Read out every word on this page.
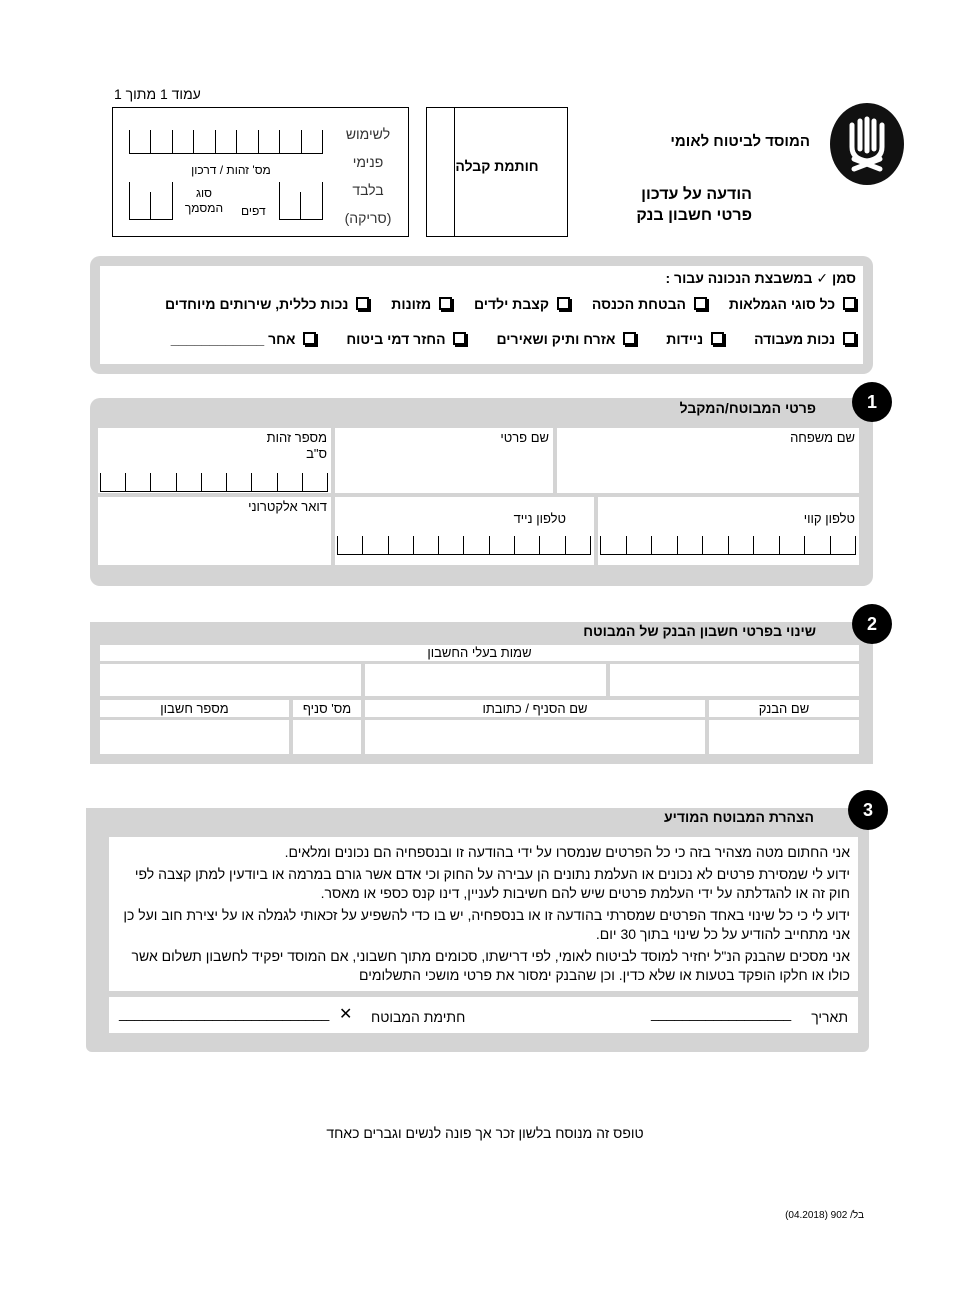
המוסד לביטוח לאומי
הודעה על עדכון
פרטי חשבון בנק
עמוד 1 מתוך 1
לשימוש
פנימי
בלבד
(סריקה)
מס' זהות / דרכון
סוג
המסמך	דפים
חותמת קבלה
סמן ✓ במשבצת הנכונה עבור :
כל סוגי הגמלאות
הבטחת הכנסה
קצבת ילדים
מזונות
נכות כללית, שירותים מיוחדים
נכות מעבודה
ניידות
אזרח ותיק ושאירים
החזר דמי ביטוח
אחר ____________
1
פרטי המבוטח/המקבל
שם משפחה
שם פרטי
מספר זהות
ס"ב
טלפון קווי
טלפון נייד
דואר אלקטרוני
2
שינוי בפרטי חשבון הבנק של המבוטח
שמות בעלי החשבון
שם הבנק
שם הסניף / כתובתו
מס' סניף
מספר חשבון
3
הצהרת המבוטח המודיע

אני החתום מטה מצהיר בזה כי כל הפרטים שנמסרו על ידי בהודעה זו ובנספחיה הם נכונים ומלאים.

ידוע לי שמסירת פרטים לא נכונים או העלמת נתונים הן עבירה על החוק וכי אדם אשר גורם במרמה או ביודעין למתן קצבה לפי חוק זה או להגדלתה על ידי העלמת פרטים שיש להם חשיבות לעניין, דינו קנס כספי או מאסר.

ידוע לי כי כל שינוי באחד הפרטים שמסרתי בהודעה זו או בנספחיה, יש בו כדי להשפיע על זכאותי לגמלה או על יצירת חוב ועל כן אני מתחייב להודיע על כל שינוי בתוך 30 יום.

אני מסכים שהבנק הנ"ל יחזיר למוסד לביטוח לאומי, לפי דרישתו, סכומים מתוך חשבוני, אם המוסד יפקיד לחשבון תשלום אשר כולו או חלקו הופקד בטעות או שלא כדין. וכן שהבנק ימסור את פרטי מושכי התשלומים

תאריך
__________________
חתימת המבוטח
✕
___________________________
טופס זה מנוסח בלשון זכר אך פונה לנשים וגברים כאחד
בל/ 902 (04.2018)
